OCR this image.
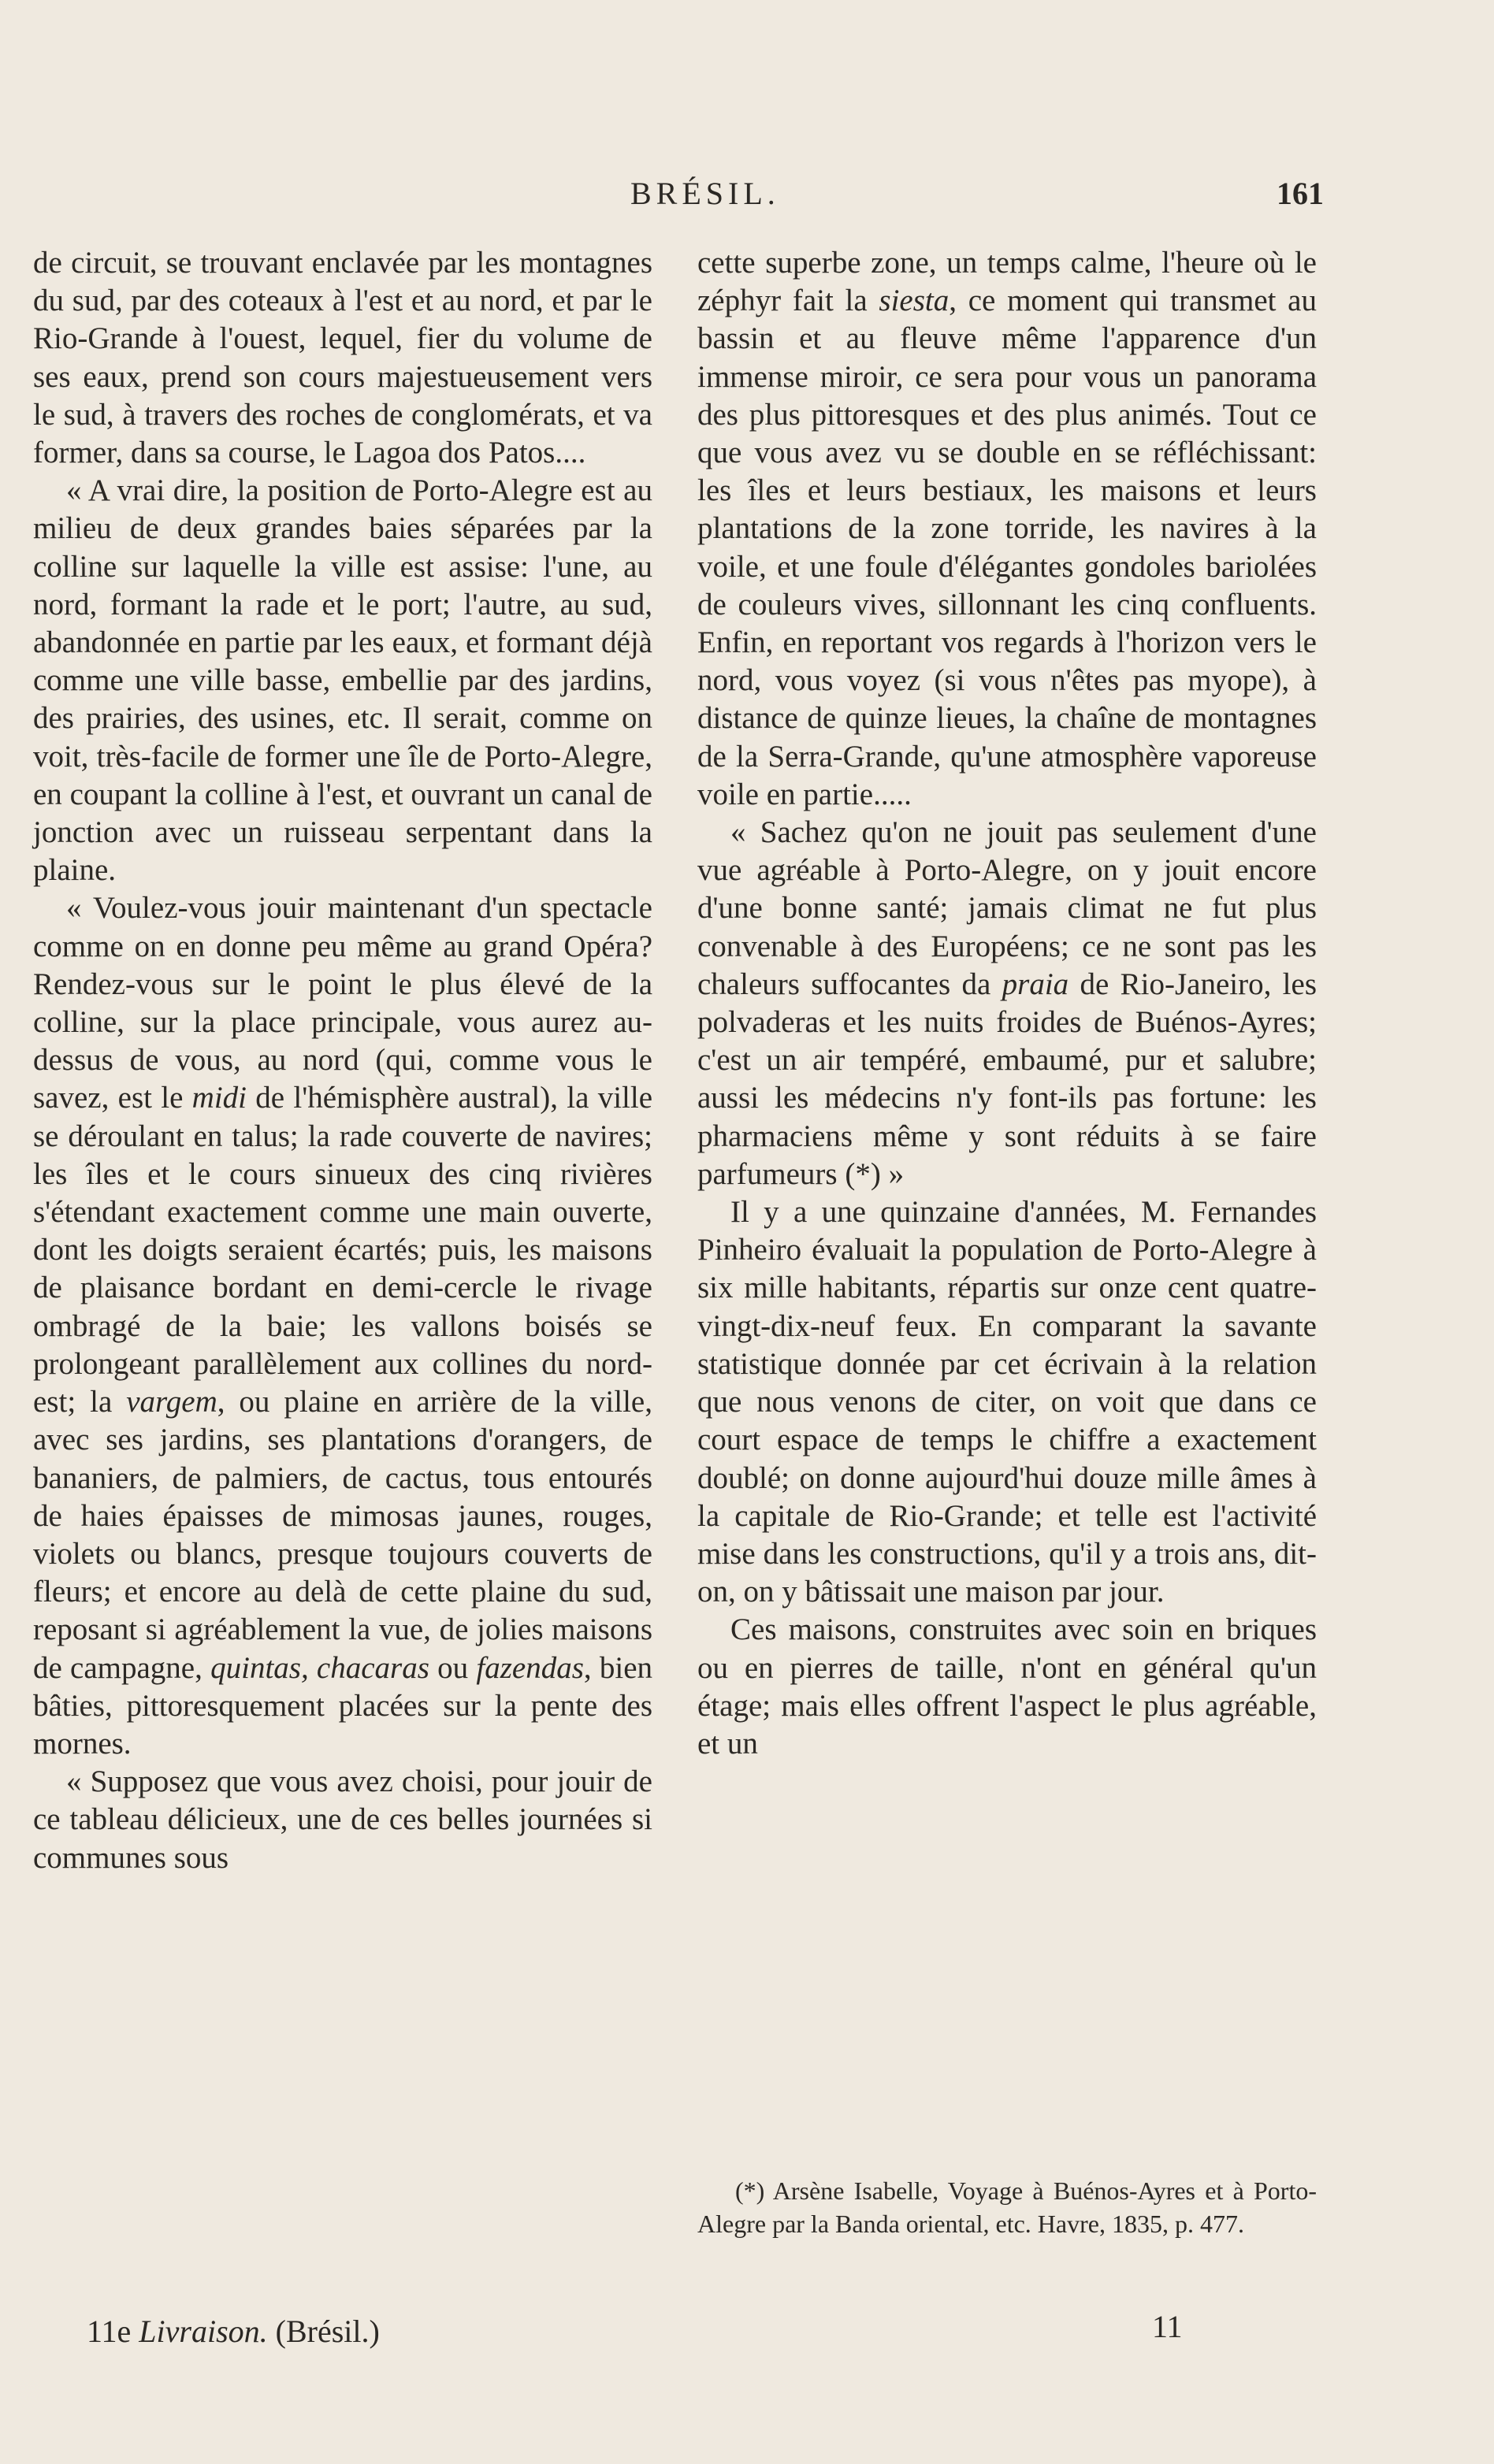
BRÉSIL.	161

de circuit, se trouvant enclavée par les montagnes du sud, par des coteaux à l'est et au nord, et par le Rio-Grande à l'ouest, lequel, fier du volume de ses eaux, prend son cours majestueusement vers le sud, à travers des roches de conglomérats, et va former, dans sa course, le Lagoa dos Patos....

« A vrai dire, la position de Porto-Alegre est au milieu de deux grandes baies séparées par la colline sur laquelle la ville est assise: l'une, au nord, formant la rade et le port; l'autre, au sud, abandonnée en partie par les eaux, et formant déjà comme une ville basse, embellie par des jardins, des prairies, des usines, etc. Il serait, comme on voit, très-facile de former une île de Porto-Alegre, en coupant la colline à l'est, et ouvrant un canal de jonction avec un ruisseau serpentant dans la plaine.

« Voulez-vous jouir maintenant d'un spectacle comme on en donne peu même au grand Opéra? Rendez-vous sur le point le plus élevé de la colline, sur la place principale, vous aurez au-dessus de vous, au nord (qui, comme vous le savez, est le midi de l'hémisphère austral), la ville se déroulant en talus; la rade couverte de navires; les îles et le cours sinueux des cinq rivières s'étendant exactement comme une main ouverte, dont les doigts seraient écartés; puis, les maisons de plaisance bordant en demi-cercle le rivage ombragé de la baie; les vallons boisés se prolongeant parallèlement aux collines du nord-est; la vargem, ou plaine en arrière de la ville, avec ses jardins, ses plantations d'orangers, de bananiers, de palmiers, de cactus, tous entourés de haies épaisses de mimosas jaunes, rouges, violets ou blancs, presque toujours couverts de fleurs; et encore au delà de cette plaine du sud, reposant si agréablement la vue, de jolies maisons de campagne, quintas, chacaras ou fazendas, bien bâties, pittoresquement placées sur la pente des mornes.

« Supposez que vous avez choisi, pour jouir de ce tableau délicieux, une de ces belles journées si communes sous

cette superbe zone, un temps calme, l'heure où le zéphyr fait la siesta, ce moment qui transmet au bassin et au fleuve même l'apparence d'un immense miroir, ce sera pour vous un panorama des plus pittoresques et des plus animés. Tout ce que vous avez vu se double en se réfléchissant: les îles et leurs bestiaux, les maisons et leurs plantations de la zone torride, les navires à la voile, et une foule d'élégantes gondoles bariolées de couleurs vives, sillonnant les cinq confluents. Enfin, en reportant vos regards à l'horizon vers le nord, vous voyez (si vous n'êtes pas myope), à distance de quinze lieues, la chaîne de montagnes de la Serra-Grande, qu'une atmosphère vaporeuse voile en partie.....

« Sachez qu'on ne jouit pas seulement d'une vue agréable à Porto-Alegre, on y jouit encore d'une bonne santé; jamais climat ne fut plus convenable à des Européens; ce ne sont pas les chaleurs suffocantes da praia de Rio-Janeiro, les polvaderas et les nuits froides de Buénos-Ayres; c'est un air tempéré, embaumé, pur et salubre; aussi les médecins n'y font-ils pas fortune: les pharmaciens même y sont réduits à se faire parfumeurs (*) »

Il y a une quinzaine d'années, M. Fernandes Pinheiro évaluait la population de Porto-Alegre à six mille habitants, répartis sur onze cent quatre-vingt-dix-neuf feux. En comparant la savante statistique donnée par cet écrivain à la relation que nous venons de citer, on voit que dans ce court espace de temps le chiffre a exactement doublé; on donne aujourd'hui douze mille âmes à la capitale de Rio-Grande; et telle est l'activité mise dans les constructions, qu'il y a trois ans, dit-on, on y bâtissait une maison par jour.

Ces maisons, construites avec soin en briques ou en pierres de taille, n'ont en général qu'un étage; mais elles offrent l'aspect le plus agréable, et un

(*) Arsène Isabelle, Voyage à Buénos-Ayres et à Porto-Alegre par la Banda oriental, etc. Havre, 1835, p. 477.
11e Livraison. (Brésil.)	11
